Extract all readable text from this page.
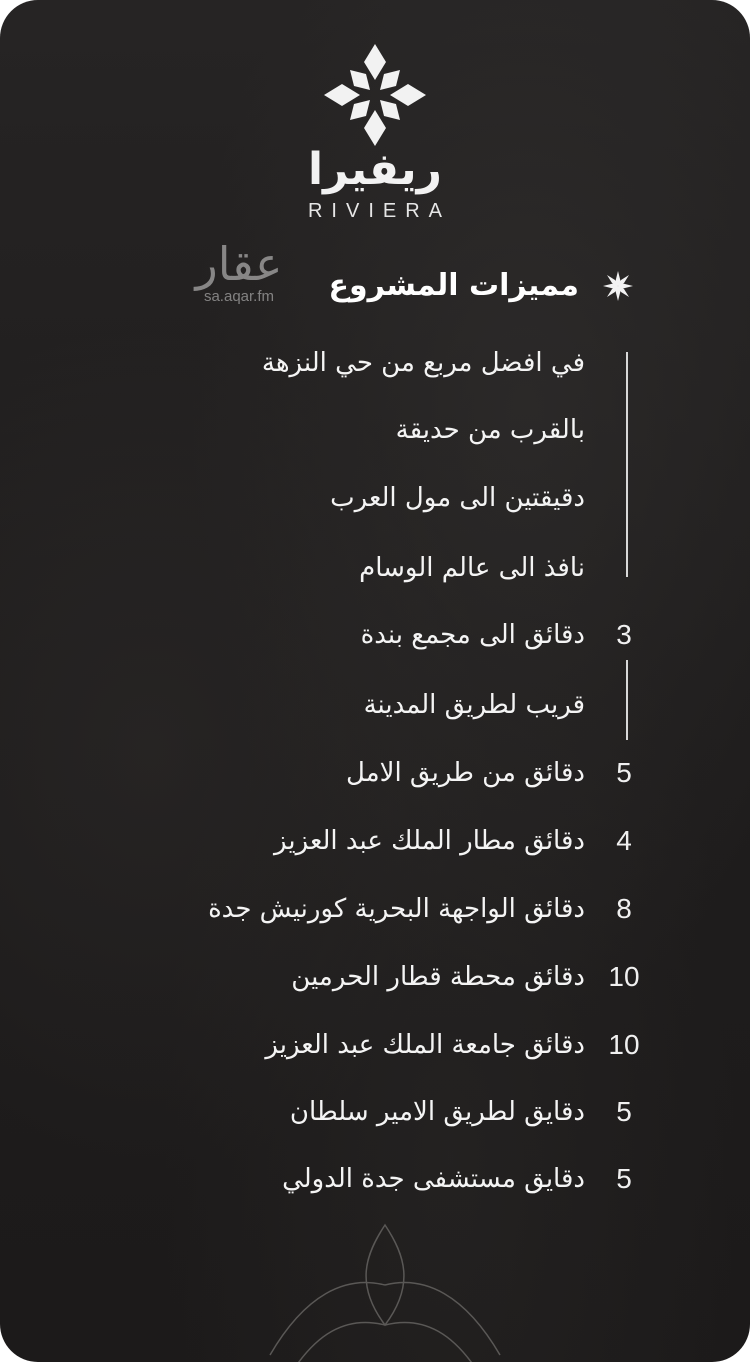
ريفيرا
RIVIERA
عقار
sa.aqar.fm	مميزات المشروع
في افضل مربع من حي النزهة
بالقرب من حديقة
دقيقتين الى مول العرب
نافذ الى عالم الوسام
3
دقائق الى مجمع بندة
قريب لطريق المدينة
5
دقائق من طريق الامل
4
دقائق مطار الملك عبد العزيز
8
دقائق الواجهة البحرية كورنيش جدة
10
دقائق محطة قطار الحرمين
10
دقائق جامعة الملك عبد العزيز
5
دقايق لطريق الامير سلطان
5
دقايق مستشفى جدة الدولي
